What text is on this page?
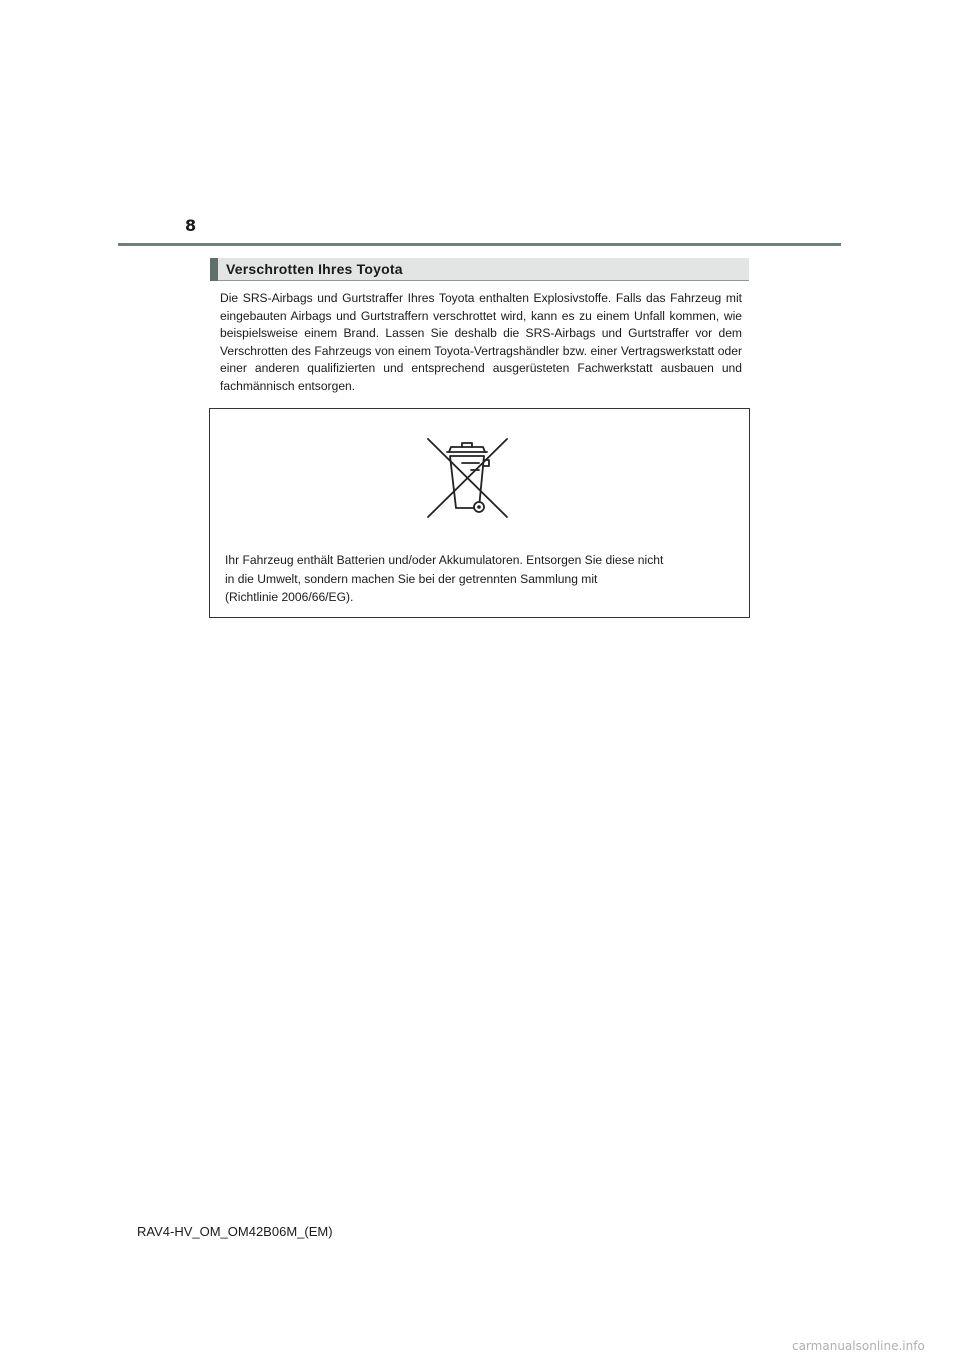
8
Verschrotten Ihres Toyota

Die SRS-Airbags und Gurtstraffer Ihres Toyota enthalten Explosivstoffe. Falls das Fahrzeug mit eingebauten Airbags und Gurtstraffern verschrottet wird, kann es zu einem Unfall kommen, wie beispielsweise einem Brand. Lassen Sie deshalb die SRS-Airbags und Gurtstraffer vor dem Verschrotten des Fahrzeugs von einem Toyota-Vertragshändler bzw. einer Vertragswerkstatt oder einer anderen qualifizierten und entsprechend ausgerüsteten Fachwerkstatt ausbauen und fachmännisch entsorgen.

Ihr Fahrzeug enthält Batterien und/oder Akkumulatoren. Entsorgen Sie diese nicht
in die Umwelt, sondern machen Sie bei der getrennten Sammlung mit
(Richtlinie 2006/66/EG).

RAV4-HV_OM_OM42B06M_(EM)
carmanualsonline.info
